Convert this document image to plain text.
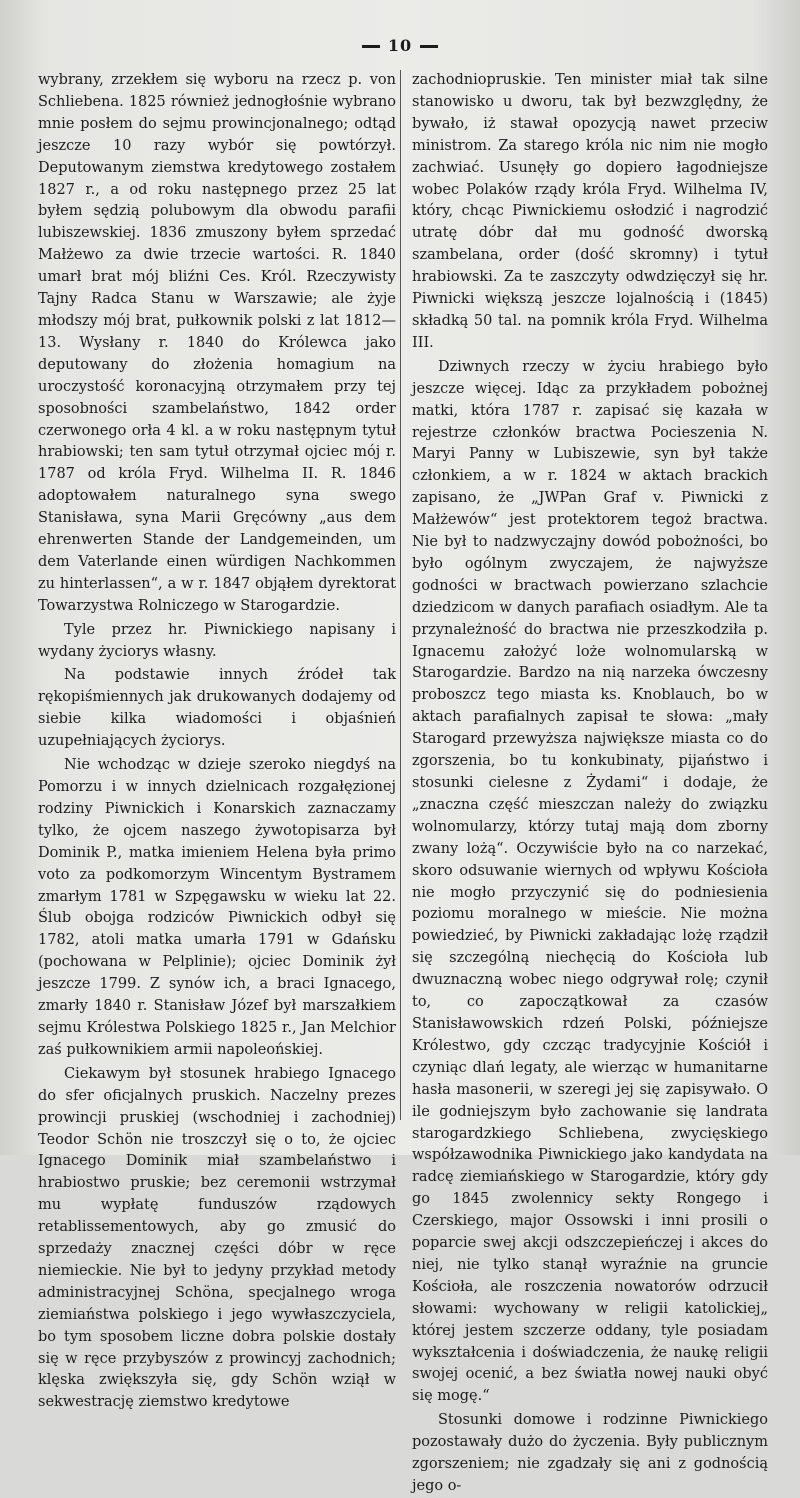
10

wybrany, zrzekłem się wyboru na rzecz p. von Schliebena. 1825 również jednogłośnie wybrano mnie posłem do sejmu prowincjonalnego; odtąd jeszcze 10 razy wybór się powtórzył. Deputowanym ziemstwa kredytowego zostałem 1827 r., a od roku następnego przez 25 lat byłem sędzią polubowym dla obwodu parafii lubiszewskiej. 1836 zmuszony byłem sprzedać Małżewo za dwie trzecie wartości. R. 1840 umarł brat mój bliźni Ces. Król. Rzeczywisty Tajny Radca Stanu w Warszawie; ale żyje młodszy mój brat, pułkownik polski z lat 1812—13. Wysłany r. 1840 do Królewca jako deputowany do złożenia homagium na uroczystość koronacyjną otrzymałem przy tej sposobności szambelaństwo, 1842 order czerwonego orła 4 kl. a w roku następnym tytuł hrabiowski; ten sam tytuł otrzymał ojciec mój r. 1787 od króla Fryd. Wilhelma II. R. 1846 adoptowałem naturalnego syna swego Stanisława, syna Marii Gręcówny „aus dem ehrenwerten Stande der Landgemeinden, um dem Vaterlande einen würdigen Nachkommen zu hinterlassen“, a w r. 1847 objąłem dyrektorat Towarzystwa Rolniczego w Starogardzie.

Tyle przez hr. Piwnickiego napisany i wydany życiorys własny.

Na podstawie innych źródeł tak rękopiśmiennych jak drukowanych dodajemy od siebie kilka wiadomości i objaśnień uzupełniających życiorys.

Nie wchodząc w dzieje szeroko niegdyś na Pomorzu i w innych dzielnicach rozgałęzionej rodziny Piwnickich i Konarskich zaznaczamy tylko, że ojcem naszego żywotopisarza był Dominik P., matka imieniem Helena była primo voto za podkomorzym Wincentym Bystramem zmarłym 1781 w Szpęgawsku w wieku lat 22. Ślub obojga rodziców Piwnickich odbył się 1782, atoli matka umarła 1791 w Gdańsku (pochowana w Pelplinie); ojciec Dominik żył jeszcze 1799. Z synów ich, a braci Ignacego, zmarły 1840 r. Stanisław Józef był marszałkiem sejmu Królestwa Polskiego 1825 r., Jan Melchior zaś pułkownikiem armii napoleońskiej.

Ciekawym był stosunek hrabiego Ignacego do sfer oficjalnych pruskich. Naczelny prezes prowincji pruskiej (wschodniej i zachodniej) Teodor Schön nie troszczył się o to, że ojciec Ignacego Dominik miał szambelaństwo i hrabiostwo pruskie; bez ceremonii wstrzymał mu wypłatę funduszów rządowych retablissementowych, aby go zmusić do sprzedaży znacznej części dóbr w ręce niemieckie. Nie był to jedyny przykład metody administracyjnej Schöna, specjalnego wroga ziemiaństwa polskiego i jego wywłaszczyciela, bo tym sposobem liczne dobra polskie dostały się w ręce przybyszów z prowincyj zachodnich; klęska zwiększyła się, gdy Schön wziął w sekwestrację ziemstwo kredytowe

zachodniopruskie. Ten minister miał tak silne stanowisko u dworu, tak był bezwzględny, że bywało, iż stawał opozycją nawet przeciw ministrom. Za starego króla nic nim nie mogło zachwiać. Usunęły go dopiero łagodniejsze wobec Polaków rządy króla Fryd. Wilhelma IV, który, chcąc Piwnickiemu osłodzić i nagrodzić utratę dóbr dał mu godność dworską szambelana, order (dość skromny) i tytuł hrabiowski. Za te zaszczyty odwdzięczył się hr. Piwnicki większą jeszcze lojalnością i (1845) składką 50 tal. na pomnik króla Fryd. Wilhelma III.

Dziwnych rzeczy w życiu hrabiego było jeszcze więcej. Idąc za przykładem pobożnej matki, która 1787 r. zapisać się kazała w rejestrze członków bractwa Pocieszenia N. Maryi Panny w Lubiszewie, syn był także członkiem, a w r. 1824 w aktach brackich zapisano, że „JWPan Graf v. Piwnicki z Małżewów“ jest protektorem tegoż bractwa. Nie był to nadzwyczajny dowód pobożności, bo było ogólnym zwyczajem, że najwyższe godności w bractwach powierzano szlachcie dziedzicom w danych parafiach osiadłym. Ale ta przynależność do bractwa nie przeszkodziła p. Ignacemu założyć loże wolnomularską w Starogardzie. Bardzo na nią narzeka ówczesny proboszcz tego miasta ks. Knoblauch, bo w aktach parafialnych zapisał te słowa: „mały Starogard przewyższa największe miasta co do zgorszenia, bo tu konkubinaty, pijaństwo i stosunki cielesne z Żydami“ i dodaje, że „znaczna część mieszczan należy do związku wolnomularzy, którzy tutaj mają dom zborny zwany lożą“. Oczywiście było na co narzekać, skoro odsuwanie wiernych od wpływu Kościoła nie mogło przyczynić się do podniesienia poziomu moralnego w mieście. Nie można powiedzieć, by Piwnicki zakładając lożę rządził się szczególną niechęcią do Kościoła lub dwuznaczną wobec niego odgrywał rolę; czynił to, co zapoczątkował za czasów Stanisławowskich rdzeń Polski, późniejsze Królestwo, gdy czcząc tradycyjnie Kościół i czyniąc dlań legaty, ale wierząc w humanitarne hasła masonerii, w szeregi jej się zapisywało. O ile godniejszym było zachowanie się landrata starogardzkiego Schliebena, zwycięskiego współzawodnika Piwnickiego jako kandydata na radcę ziemiańskiego w Starogardzie, który gdy go 1845 zwolennicy sekty Rongego i Czerskiego, major Ossowski i inni prosili o poparcie swej akcji odszczepieńczej i akces do niej, nie tylko stanął wyraźnie na gruncie Kościoła, ale roszczenia nowatorów odrzucił słowami: wychowany w religii katolickiej„ której jestem szczerze oddany, tyle posiadam wykształcenia i doświadczenia, że naukę religii swojej ocenić, a bez światła nowej nauki obyć się mogę.“

Stosunki domowe i rodzinne Piwnickiego pozostawały dużo do życzenia. Były publicznym zgorszeniem; nie zgadzały się ani z godnością jego o-
